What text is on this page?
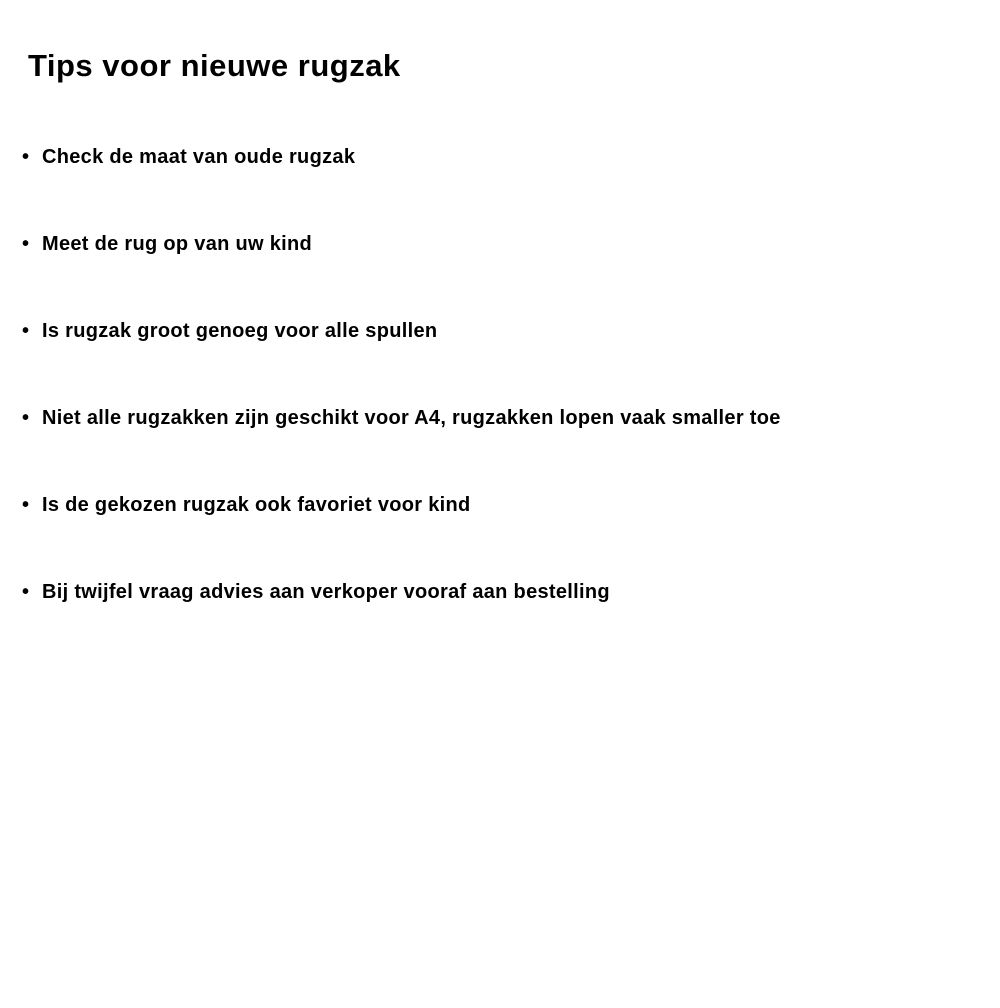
Tips voor nieuwe rugzak
• Check de maat van oude rugzak
• Meet de rug op van uw kind
• Is rugzak groot genoeg voor alle spullen
• Niet alle rugzakken zijn geschikt voor A4, rugzakken lopen vaak smaller toe
• Is de gekozen rugzak ook favoriet voor kind
• Bij twijfel vraag advies aan verkoper vooraf aan bestelling
